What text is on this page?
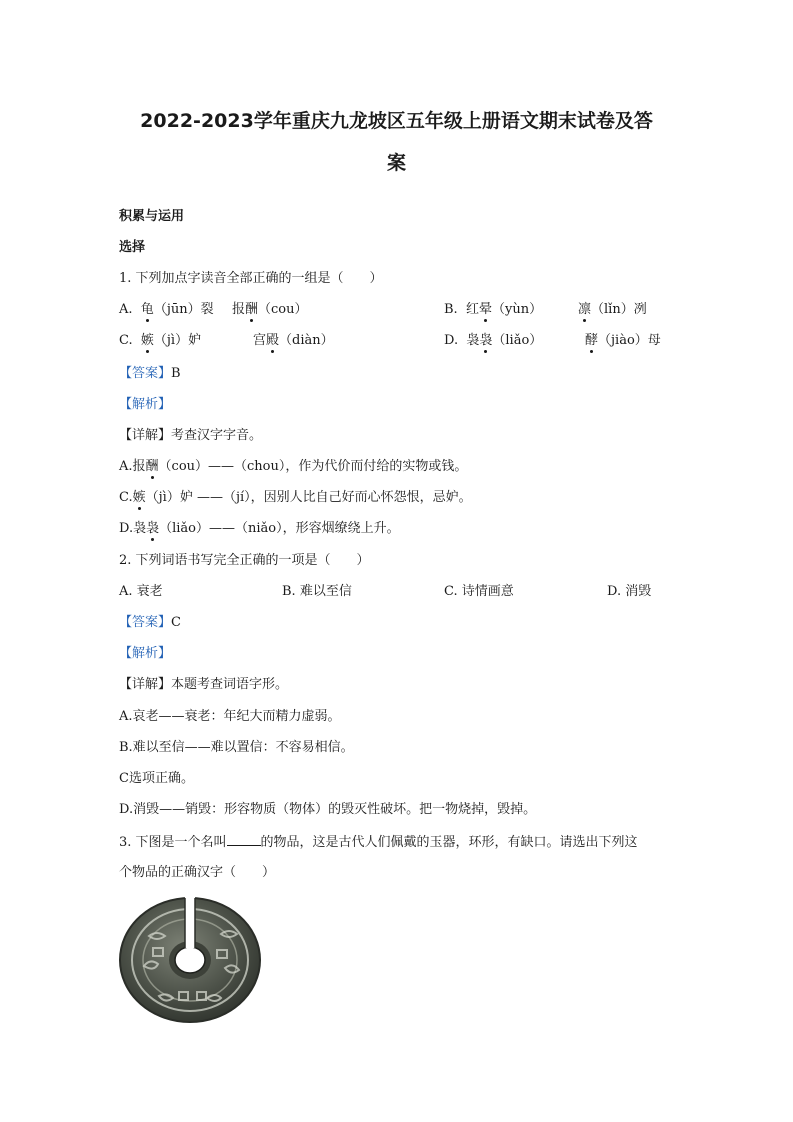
2022-2023学年重庆九龙坡区五年级上册语文期末试卷及答
案
积累与运用
选择
1. 下列加点字读音全部正确的一组是（　　）
A. 龟（jūn）裂 报酬（cou）	B. 红晕（yùn）	凛（lǐn）冽
C. 嫉（jì）妒	宫殿（diàn）	D. 袅袅（liǎo）	酵（jiào）母
【答案】B
【解析】
【详解】考查汉字字音。
A.报酬（cou）——（chou），作为代价而付给的实物或钱。
C.嫉（jì）妒 ——（jí），因别人比自己好而心怀怨恨，忌妒。
D.袅袅（liǎo）——（niǎo），形容烟缭绕上升。
2. 下列词语书写完全正确的一项是（　　）
A. 衰老	B. 难以至信	C. 诗情画意	D. 消毁
【答案】C
【解析】
【详解】本题考查词语字形。
A.哀老——衰老：年纪大而精力虚弱。
B.难以至信——难以置信：不容易相信。
C选项正确。
D.消毁——销毁：形容物质（物体）的毁灭性破坏。把一物烧掉，毁掉。
3. 下图是一个名叫	的物品，这是古代人们佩戴的玉器，环形，有缺口。请选出下列这
个物品的正确汉字（　　）
